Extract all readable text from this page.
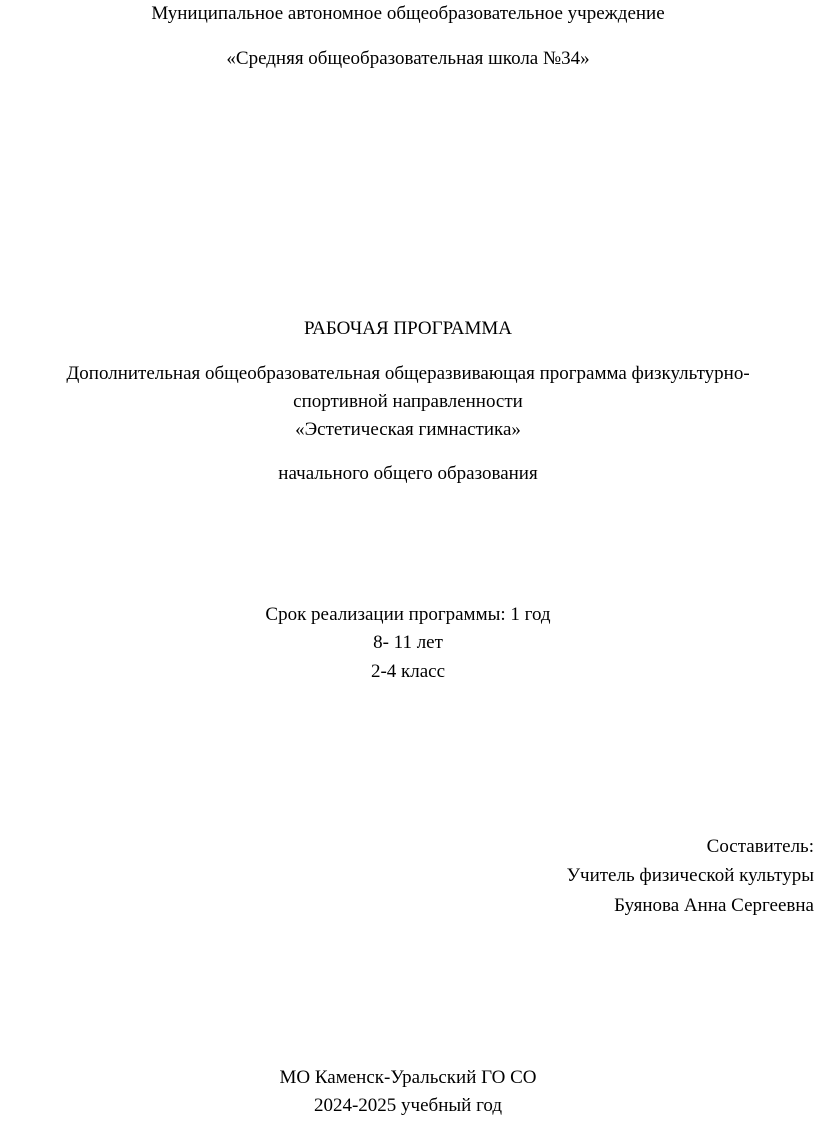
Муниципальное автономное общеобразовательное учреждение
«Средняя общеобразовательная школа №34»
РАБОЧАЯ ПРОГРАММА
Дополнительная общеобразовательная общеразвивающая программа физкультурно-
спортивной направленности
«Эстетическая гимнастика»
начального общего образования
Срок реализации программы: 1 год
8- 11 лет
2-4 класс
Составитель:
Учитель физической культуры
Буянова Анна Сергеевна
МО Каменск-Уральский ГО СО
2024-2025 учебный год
